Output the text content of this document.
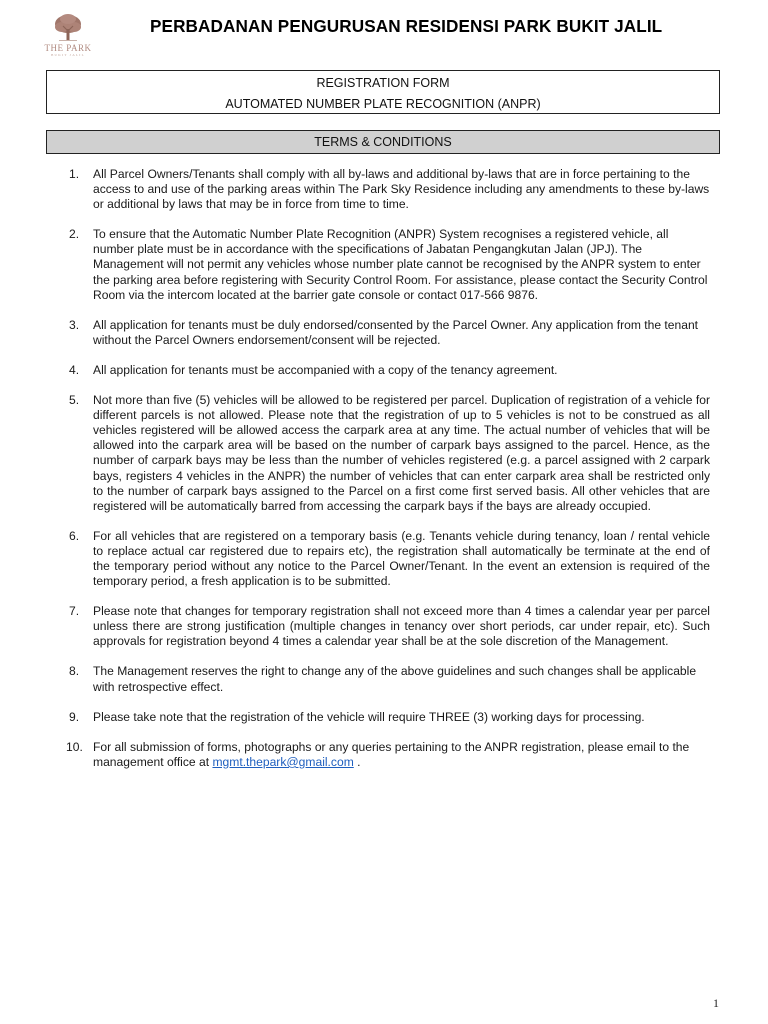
THE PARK
BUKIT JALIL
PERBADANAN PENGURUSAN RESIDENSI PARK BUKIT JALIL
REGISTRATION FORM
AUTOMATED NUMBER PLATE RECOGNITION (ANPR)
TERMS & CONDITIONS
1. All Parcel Owners/Tenants shall comply with all by-laws and additional by-laws that are in force pertaining to the access to and use of the parking areas within The Park Sky Residence including any amendments to these by-laws or additional by laws that may be in force from time to time.
2. To ensure that the Automatic Number Plate Recognition (ANPR) System recognises a registered vehicle, all number plate must be in accordance with the specifications of Jabatan Pengangkutan Jalan (JPJ). The Management will not permit any vehicles whose number plate cannot be recognised by the ANPR system to enter the parking area before registering with Security Control Room. For assistance, please contact the Security Control Room via the intercom located at the barrier gate console or contact 017-566 9876.
3. All application for tenants must be duly endorsed/consented by the Parcel Owner. Any application from the tenant without the Parcel Owners endorsement/consent will be rejected.
4. All application for tenants must be accompanied with a copy of the tenancy agreement.
5. Not more than five (5) vehicles will be allowed to be registered per parcel. Duplication of registration of a vehicle for different parcels is not allowed. Please note that the registration of up to 5 vehicles is not to be construed as all vehicles registered will be allowed access the carpark area at any time. The actual number of vehicles that will be allowed into the carpark area will be based on the number of carpark bays assigned to the parcel. Hence, as the number of carpark bays may be less than the number of vehicles registered (e.g. a parcel assigned with 2 carpark bays, registers 4 vehicles in the ANPR) the number of vehicles that can enter carpark area shall be restricted only to the number of carpark bays assigned to the Parcel on a first come first served basis. All other vehicles that are registered will be automatically barred from accessing the carpark bays if the bays are already occupied.
6. For all vehicles that are registered on a temporary basis (e.g. Tenants vehicle during tenancy, loan / rental vehicle to replace actual car registered due to repairs etc), the registration shall automatically be terminate at the end of the temporary period without any notice to the Parcel Owner/Tenant. In the event an extension is required of the temporary period, a fresh application is to be submitted.
7. Please note that changes for temporary registration shall not exceed more than 4 times a calendar year per parcel unless there are strong justification (multiple changes in tenancy over short periods, car under repair, etc). Such approvals for registration beyond 4 times a calendar year shall be at the sole discretion of the Management.
8. The Management reserves the right to change any of the above guidelines and such changes shall be applicable with retrospective effect.
9. Please take note that the registration of the vehicle will require THREE (3) working days for processing.
10. For all submission of forms, photographs or any queries pertaining to the ANPR registration, please email to the management office at mgmt.thepark@gmail.com .
1
